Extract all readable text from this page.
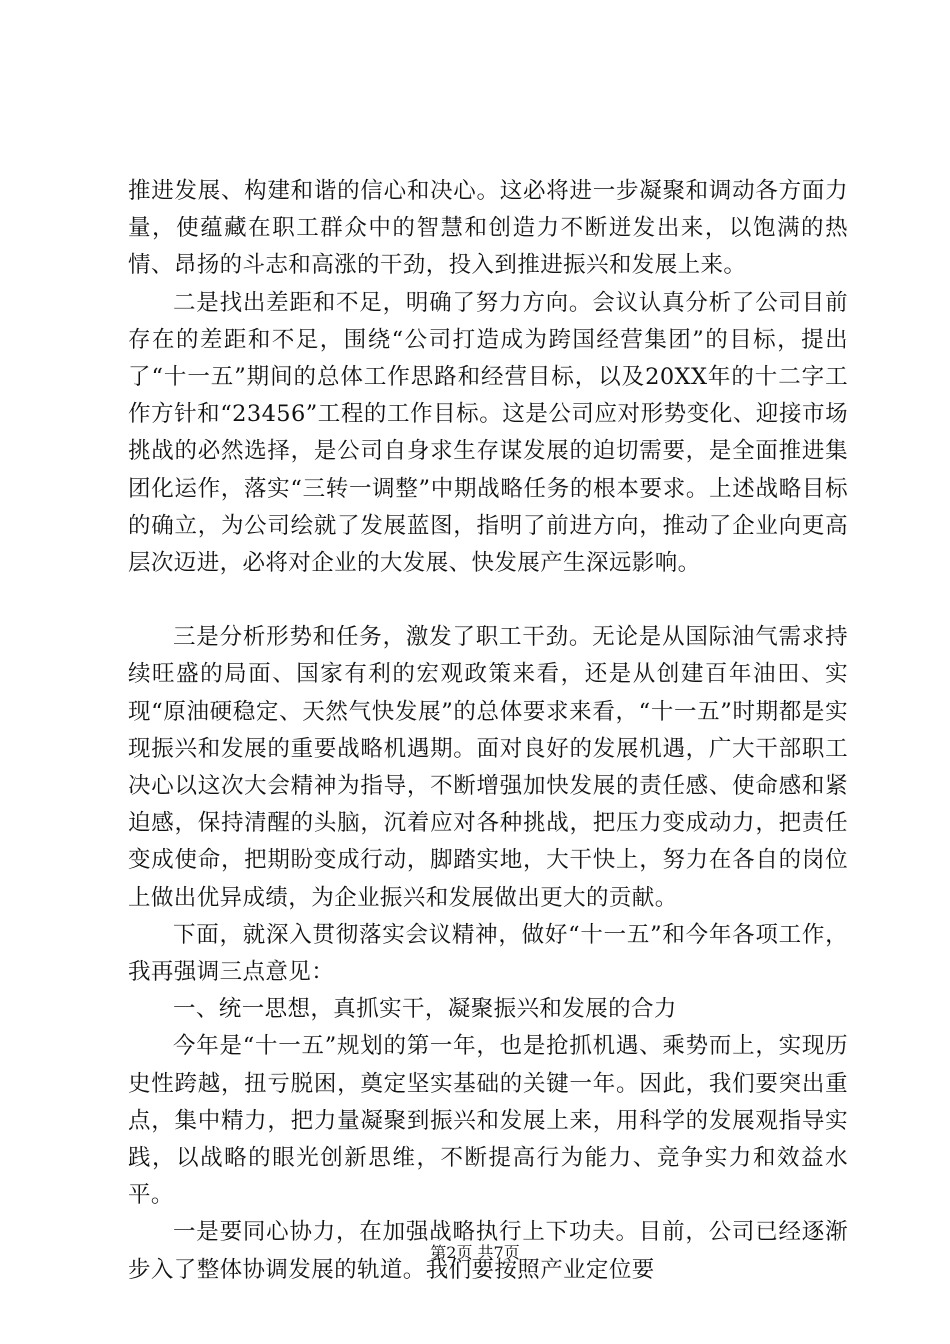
推进发展、构建和谐的信心和决心。这必将进一步凝聚和调动各方面力量，使蕴藏在职工群众中的智慧和创造力不断迸发出来，以饱满的热情、昂扬的斗志和高涨的干劲，投入到推进振兴和发展上来。

二是找出差距和不足，明确了努力方向。会议认真分析了公司目前存在的差距和不足，围绕“公司打造成为跨国经营集团”的目标，提出了“十一五”期间的总体工作思路和经营目标，以及20XX年的十二字工作方针和“23456”工程的工作目标。这是公司应对形势变化、迎接市场挑战的必然选择，是公司自身求生存谋发展的迫切需要，是全面推进集团化运作，落实“三转一调整”中期战略任务的根本要求。上述战略目标的确立，为公司绘就了发展蓝图，指明了前进方向，推动了企业向更高层次迈进，必将对企业的大发展、快发展产生深远影响。

三是分析形势和任务，激发了职工干劲。无论是从国际油气需求持续旺盛的局面、国家有利的宏观政策来看，还是从创建百年油田、实现“原油硬稳定、天然气快发展”的总体要求来看，“十一五”时期都是实现振兴和发展的重要战略机遇期。面对良好的发展机遇，广大干部职工决心以这次大会精神为指导，不断增强加快发展的责任感、使命感和紧迫感，保持清醒的头脑，沉着应对各种挑战，把压力变成动力，把责任变成使命，把期盼变成行动，脚踏实地，大干快上，努力在各自的岗位上做出优异成绩，为企业振兴和发展做出更大的贡献。

下面，就深入贯彻落实会议精神，做好“十一五”和今年各项工作，我再强调三点意见：

一、统一思想，真抓实干，凝聚振兴和发展的合力

今年是“十一五”规划的第一年，也是抢抓机遇、乘势而上，实现历史性跨越，扭亏脱困，奠定坚实基础的关键一年。因此，我们要突出重点，集中精力，把力量凝聚到振兴和发展上来，用科学的发展观指导实践，以战略的眼光创新思维，不断提高行为能力、竞争实力和效益水平。

一是要同心协力，在加强战略执行上下功夫。目前，公司已经逐渐步入了整体协调发展的轨道。我们要按照产业定位要

第2页 共7页
